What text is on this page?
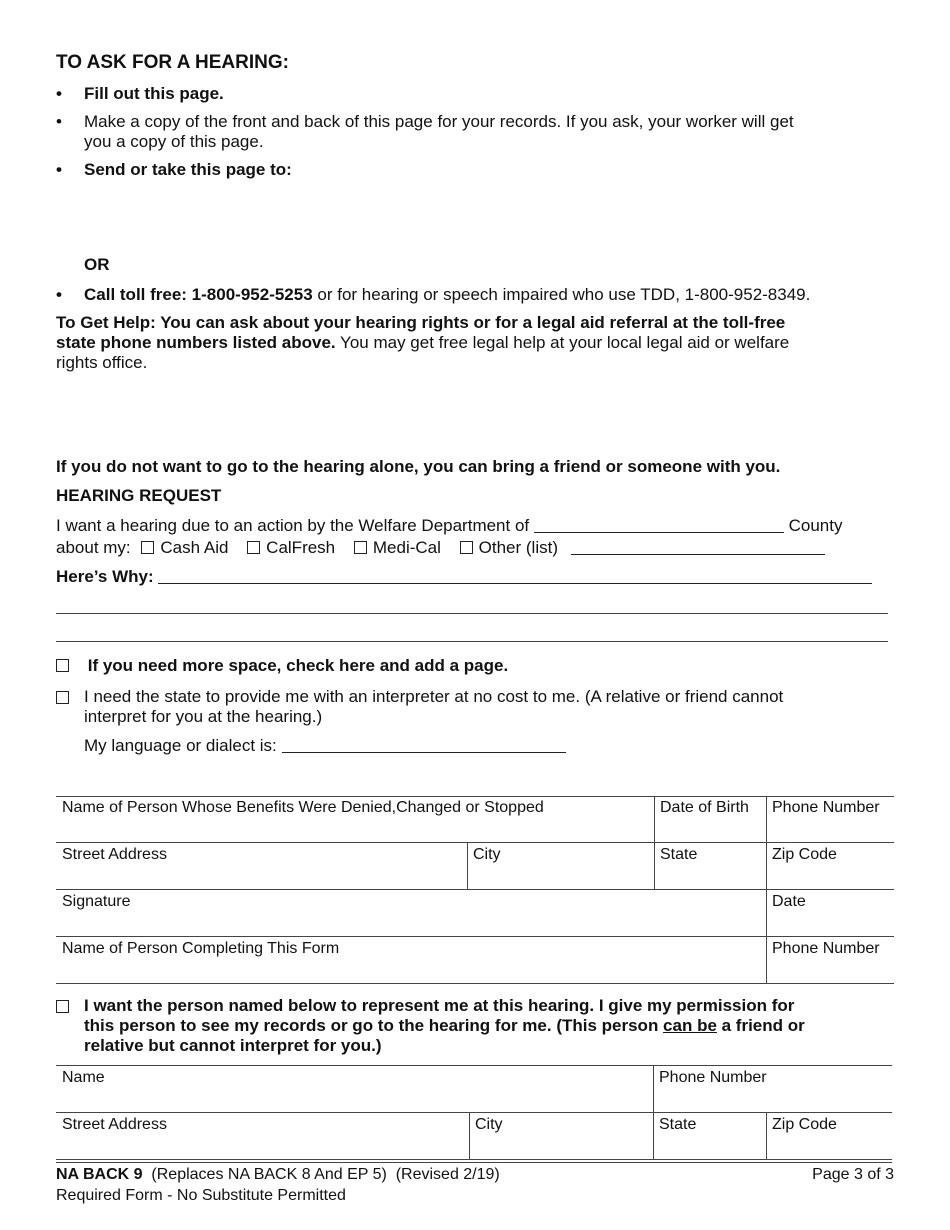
TO ASK FOR A HEARING:
• Fill out this page.
• Make a copy of the front and back of this page for your records. If you ask, your worker will get
you a copy of this page.
• Send or take this page to:
OR
• Call toll free: 1-800-952-5253 or for hearing or speech impaired who use TDD, 1-800-952-8349.
To Get Help: You can ask about your hearing rights or for a legal aid referral at the toll-free
state phone numbers listed above. You may get free legal help at your local legal aid or welfare
rights office.
If you do not want to go to the hearing alone, you can bring a friend or someone with you.
HEARING REQUEST
I want a hearing due to an action by the Welfare Department of	County
about my: Cash Aid CalFresh Medi-Cal Other (list)
Here’s Why:
If you need more space, check here and add a page.
I need the state to provide me with an interpreter at no cost to me. (A relative or friend cannot
interpret for you at the hearing.)
My language or dialect is:
Name of Person Whose Benefits Were Denied,Changed or Stopped	Date of Birth Phone Number
Street Address	City	State	Zip Code
Signature	Date
Name of Person Completing This Form	Phone Number
I want the person named below to represent me at this hearing. I give my permission for
this person to see my records or go to the hearing for me. (This person can be a friend or
relative but cannot interpret for you.)
Name	Phone Number
Street Address	City	State	Zip Code
NA BACK 9 (Replaces NA BACK 8 And EP 5) (Revised 2/19)	Page 3 of 3
Required Form - No Substitute Permitted
